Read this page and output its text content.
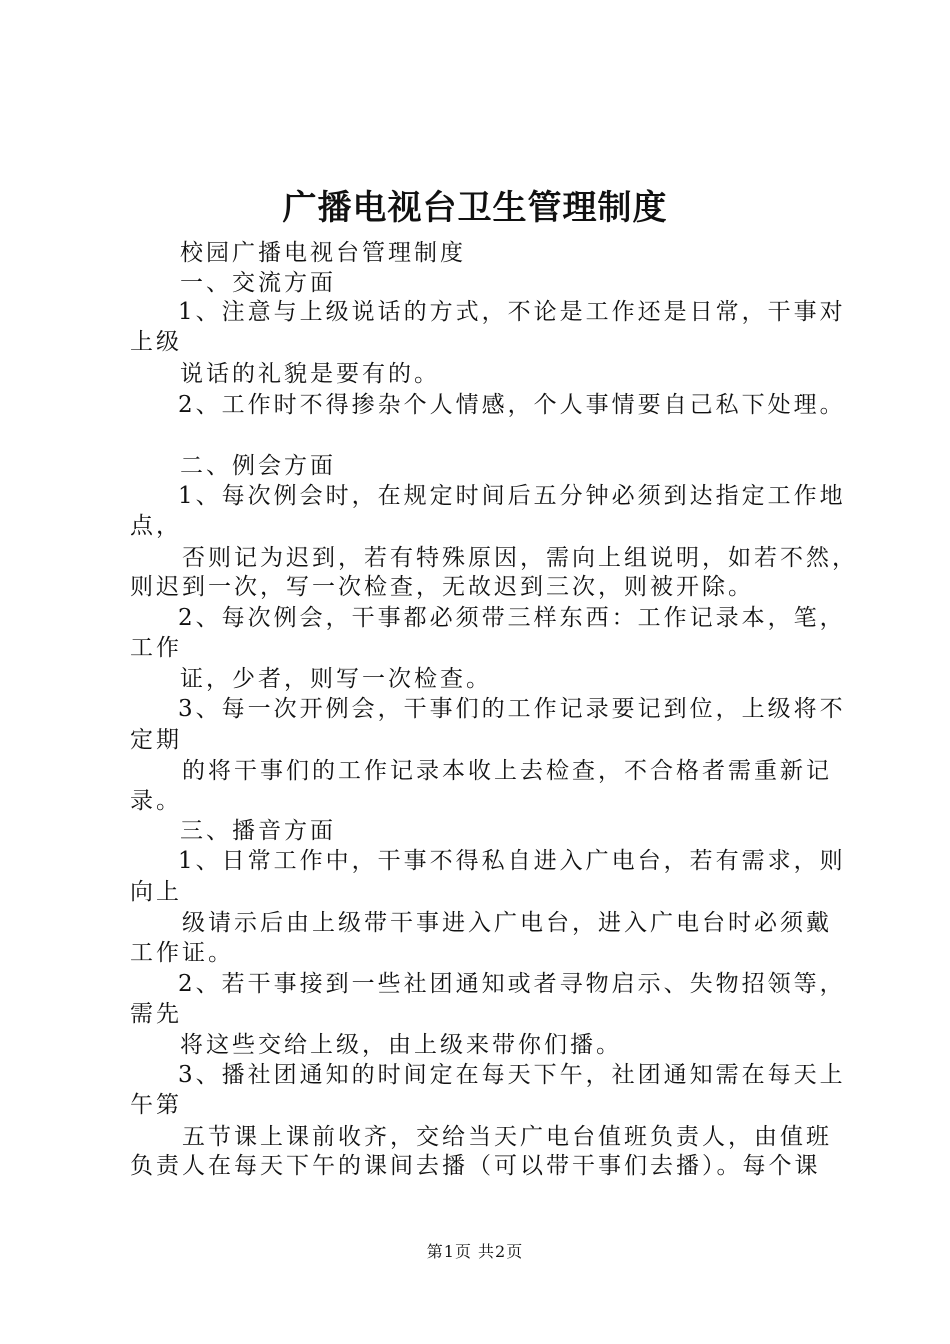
广播电视台卫生管理制度
校园广播电视台管理制度
一、交流方面
1、注意与上级说话的方式，不论是工作还是日常，干事对
上级
说话的礼貌是要有的。
2、工作时不得掺杂个人情感，个人事情要自己私下处理。
二、例会方面
1、每次例会时，在规定时间后五分钟必须到达指定工作地
点，
否则记为迟到，若有特殊原因，需向上组说明，如若不然，
则迟到一次，写一次检查，无故迟到三次，则被开除。
2、每次例会，干事都必须带三样东西：工作记录本，笔，
工作
证，少者，则写一次检查。
3、每一次开例会，干事们的工作记录要记到位，上级将不
定期
的将干事们的工作记录本收上去检查，不合格者需重新记
录。
三、播音方面
1、日常工作中，干事不得私自进入广电台，若有需求，则
向上
级请示后由上级带干事进入广电台，进入广电台时必须戴
工作证。
2、若干事接到一些社团通知或者寻物启示、失物招领等，
需先
将这些交给上级，由上级来带你们播。
3、播社团通知的时间定在每天下午，社团通知需在每天上
午第
五节课上课前收齐，交给当天广电台值班负责人，由值班
负责人在每天下午的课间去播（可以带干事们去播）。每个课
第1页 共2页
